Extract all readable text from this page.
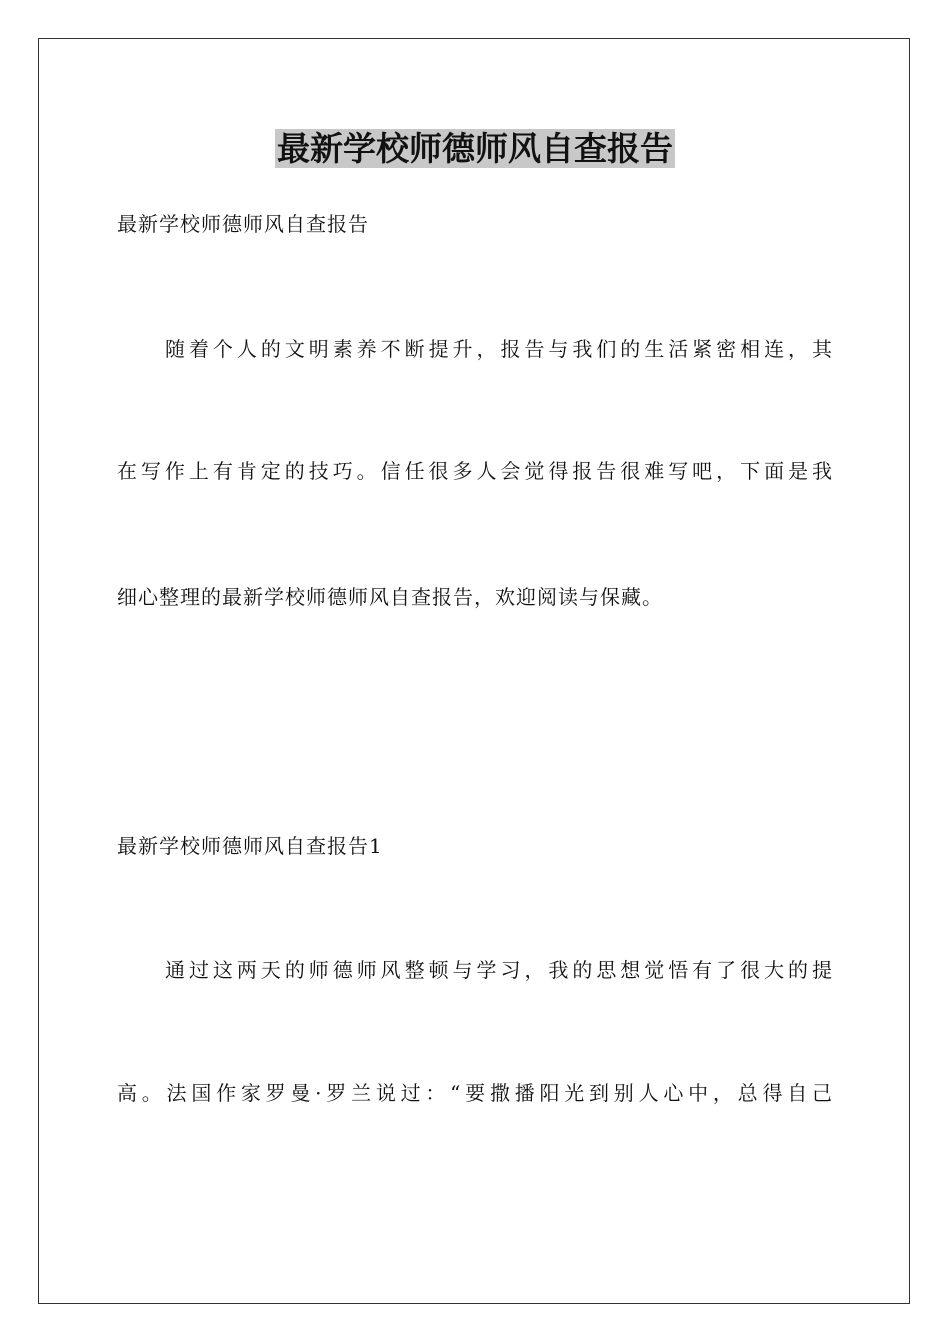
最新学校师德师风自查报告

最新学校师德师风自查报告

随着个人的文明素养不断提升，报告与我们的生活紧密相连，其

在写作上有肯定的技巧。信任很多人会觉得报告很难写吧，下面是我

细心整理的最新学校师德师风自查报告，欢迎阅读与保藏。

最新学校师德师风自查报告1

通过这两天的师德师风整顿与学习，我的思想觉悟有了很大的提

高。法国作家罗曼·罗兰说过：“要撒播阳光到别人心中，总得自己
